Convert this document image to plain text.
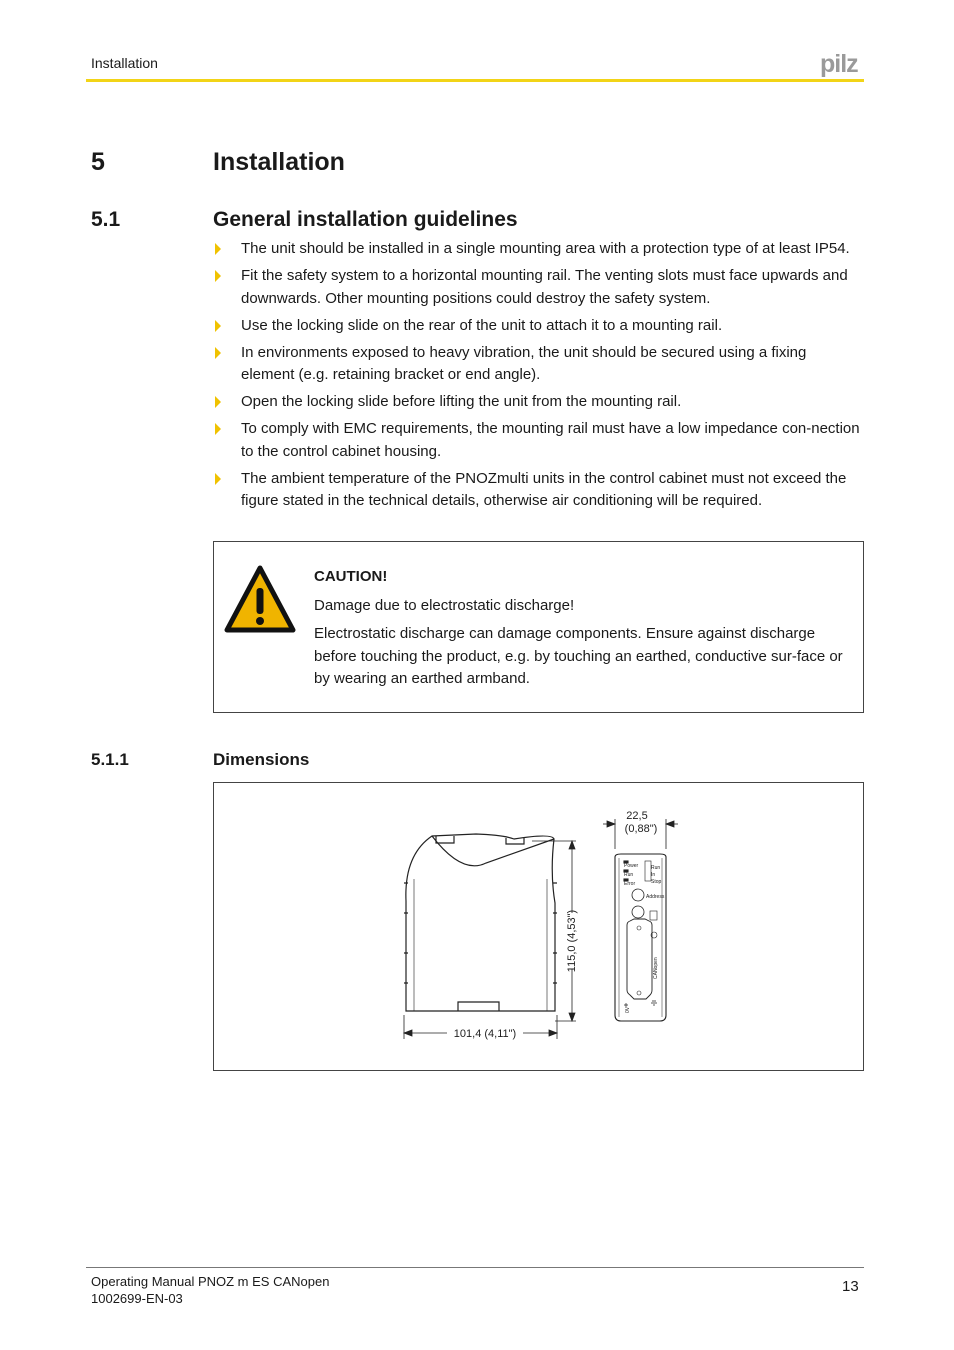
Installation	pilz
5	Installation
5.1	General installation guidelines
The unit should be installed in a single mounting area with a protection type of at least IP54.
Fit the safety system to a horizontal mounting rail. The venting slots must face upwards and downwards. Other mounting positions could destroy the safety system.
Use the locking slide on the rear of the unit to attach it to a mounting rail.
In environments exposed to heavy vibration, the unit should be secured using a fixing element (e.g. retaining bracket or end angle).
Open the locking slide before lifting the unit from the mounting rail.
To comply with EMC requirements, the mounting rail must have a low impedance con-nection to the control cabinet housing.
The ambient temperature of the PNOZmulti units in the control cabinet must not exceed the figure stated in the technical details, otherwise air conditioning will be required.
CAUTION!

Damage due to electrostatic discharge!

Electrostatic discharge can damage components. Ensure against discharge before touching the product, e.g. by touching an earthed, conductive sur-face or by wearing an earthed armband.

5.1.1	Dimensions
115,0 (4,53")
101,4 (4,11")
Power
Run
Error
Run
In
Stop
Address
CANopen
0V
22,5
(0,88")
Operating Manual PNOZ m ES CANopen
1002699-EN-03
13
